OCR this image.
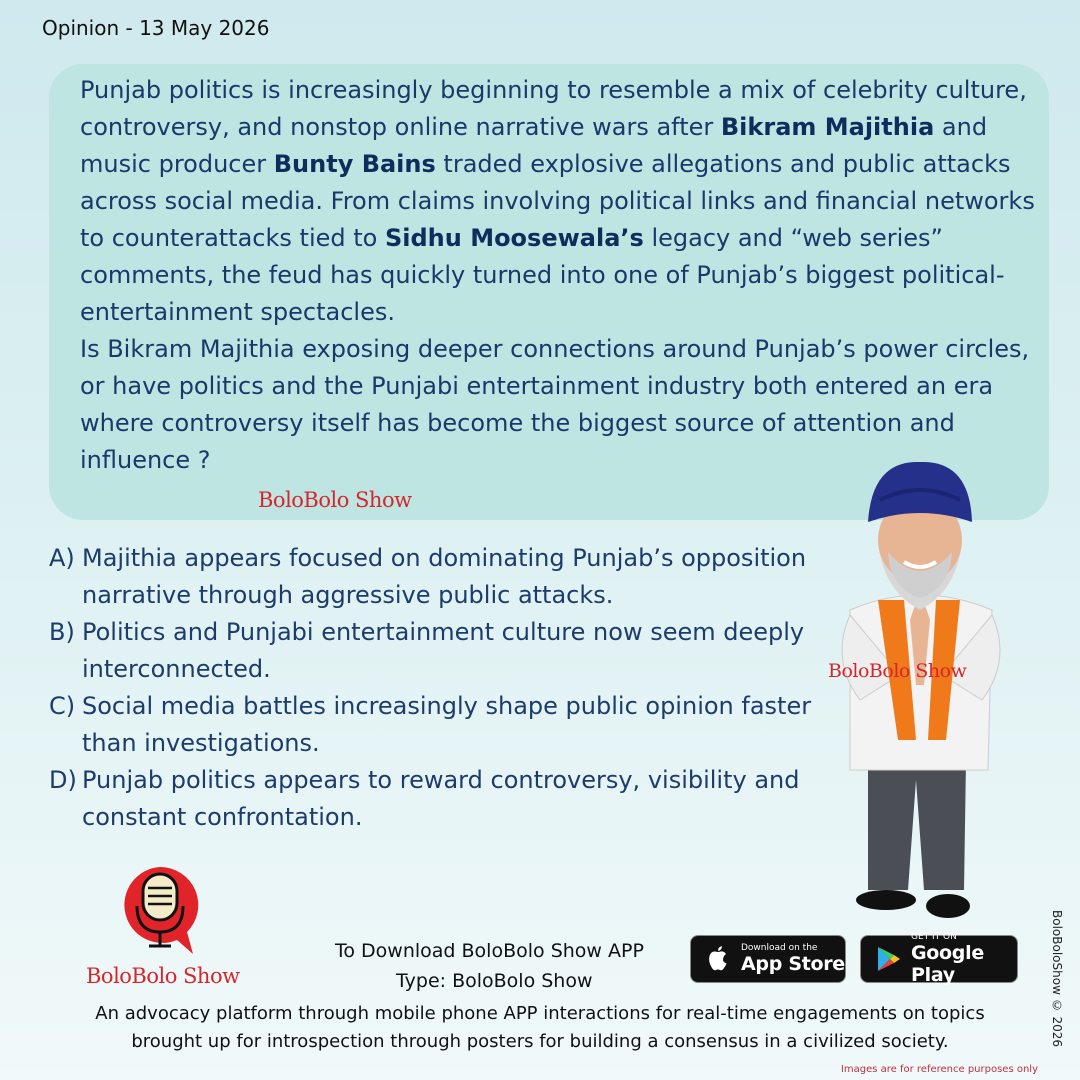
Opinion - 13 May 2026

Punjab politics is increasingly beginning to resemble a mix of celebrity culture, controversy, and nonstop online narrative wars after Bikram Majithia and music producer Bunty Bains traded explosive allegations and public attacks across social media. From claims involving political links and financial networks to counterattacks tied to Sidhu Moosewala’s legacy and “web series” comments, the feud has quickly turned into one of Punjab’s biggest political-entertainment spectacles.

Is Bikram Majithia exposing deeper connections around Punjab’s power circles, or have politics and the Punjabi entertainment industry both entered an era where controversy itself has become the biggest source of attention and influence ?

BoloBolo Show
A) Majithia appears focused on dominating Punjab’s opposition narrative through aggressive public attacks.
B) Politics and Punjabi entertainment culture now seem deeply interconnected.
C) Social media battles increasingly shape public opinion faster than investigations.
D) Punjab politics appears to reward controversy, visibility and constant confrontation.
BoloBolo Show
BoloBolo Show
To Download BoloBolo Show APP
Type: BoloBolo Show
Download on the
App Store
GET IT ON
Google Play
An advocacy platform through mobile phone APP interactions for real-time engagements on topics
brought up for introspection through posters for building a consensus in a civilized society.	BoloBoloShow © 2026
Images are for reference purposes only
